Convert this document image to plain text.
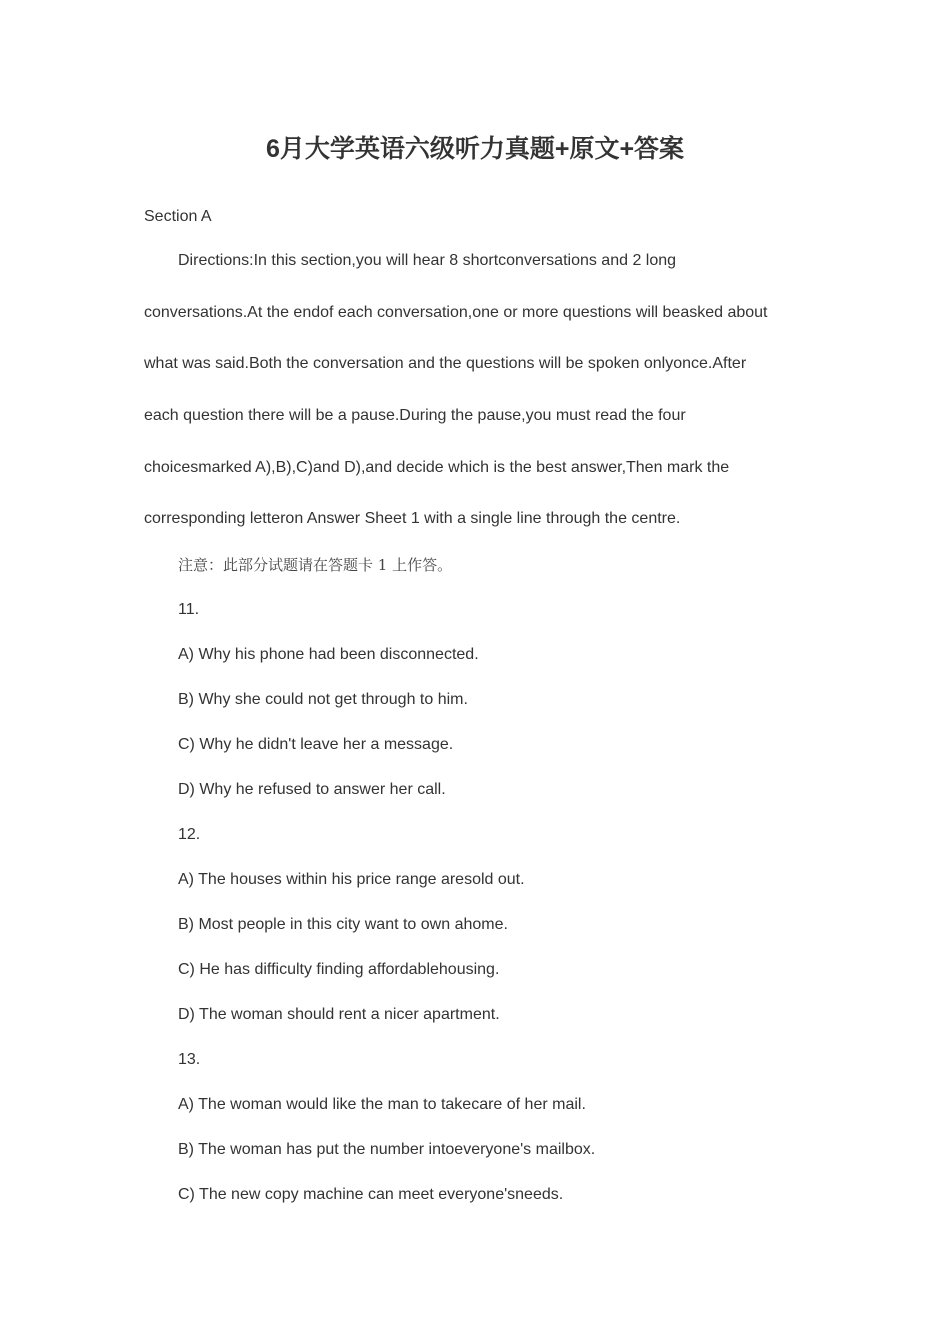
6月大学英语六级听力真题+原文+答案
Section A
Directions:In this section,you will hear 8 shortconversations and 2 long
conversations.At the endof each conversation,one or more questions will beasked about
what was said.Both the conversation and the questions will be spoken onlyonce.After
each question there will be a pause.During the pause,you must read the four
choicesmarked A),B),C)and D),and decide which is the best answer,Then mark the
corresponding letteron Answer Sheet 1 with a single line through the centre.
注意：此部分试题请在答题卡 1 上作答。
11.
A) Why his phone had been disconnected.
B) Why she could not get through to him.
C) Why he didn't leave her a message.
D) Why he refused to answer her call.
12.
A) The houses within his price range aresold out.
B) Most people in this city want to own ahome.
C) He has difficulty finding affordablehousing.
D) The woman should rent a nicer apartment.
13.
A) The woman would like the man to takecare of her mail.
B) The woman has put the number intoeveryone's mailbox.
C) The new copy machine can meet everyone'sneeds.
